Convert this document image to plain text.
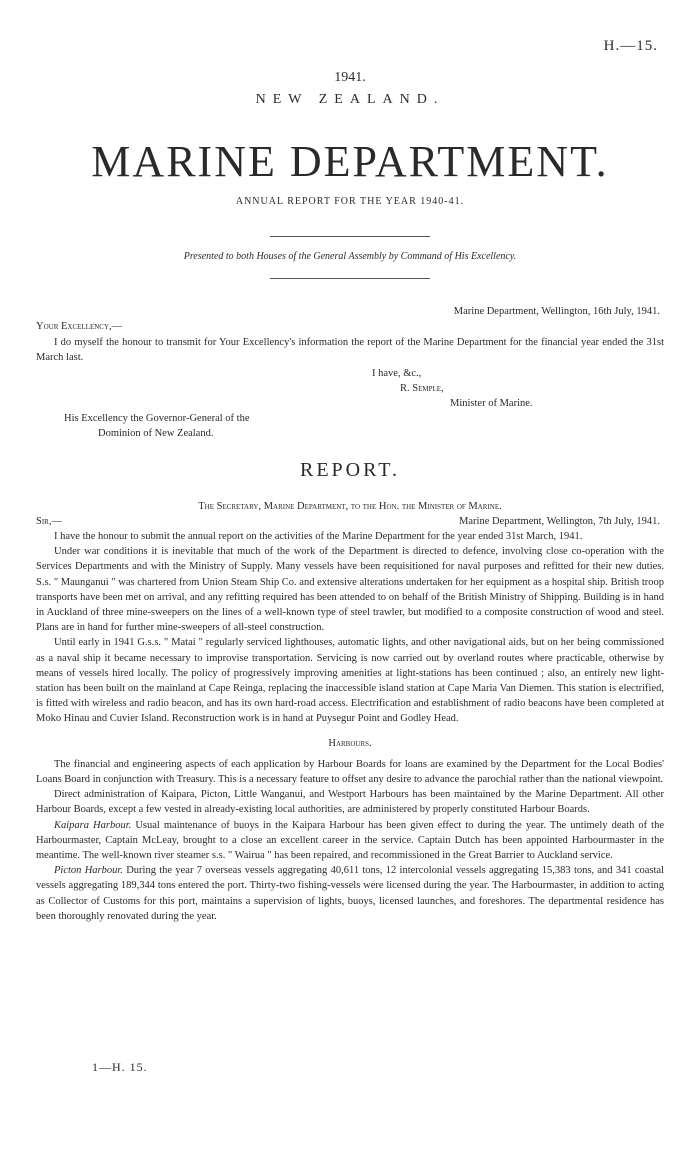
H.—15.
1941.
NEW ZEALAND.
MARINE DEPARTMENT.
ANNUAL REPORT FOR THE YEAR 1940-41.
Presented to both Houses of the General Assembly by Command of His Excellency.
Marine Department, Wellington, 16th July, 1941.
Your Excellency,—

I do myself the honour to transmit for Your Excellency's information the report of the Marine Department for the financial year ended the 31st March last.

I have, &c.,
R. Semple,
Minister of Marine.
His Excellency the Governor-General of the
Dominion of New Zealand.
REPORT.
The Secretary, Marine Department, to the Hon. the Minister of Marine.
Sir,—	Marine Department, Wellington, 7th July, 1941.

I have the honour to submit the annual report on the activities of the Marine Department for the year ended 31st March, 1941.

Under war conditions it is inevitable that much of the work of the Department is directed to defence, involving close co-operation with the Services Departments and with the Ministry of Supply. Many vessels have been requisitioned for naval purposes and refitted for their new duties. S.s. " Maunganui " was chartered from Union Steam Ship Co. and extensive alterations undertaken for her equipment as a hospital ship. British troop transports have been met on arrival, and any refitting required has been attended to on behalf of the British Ministry of Shipping. Building is in hand in Auckland of three mine-sweepers on the lines of a well-known type of steel trawler, but modified to a composite construction of wood and steel. Plans are in hand for further mine-sweepers of all-steel construction.

Until early in 1941 G.s.s. " Matai " regularly serviced lighthouses, automatic lights, and other navigational aids, but on her being commissioned as a naval ship it became necessary to improvise transportation. Servicing is now carried out by overland routes where practicable, otherwise by means of vessels hired locally. The policy of progressively improving amenities at light-stations has been continued ; also, an entirely new light-station has been built on the mainland at Cape Reinga, replacing the inaccessible island station at Cape Maria Van Diemen. This station is electrified, is fitted with wireless and radio beacon, and has its own hard-road access. Electrification and establishment of radio beacons have been completed at Moko Hinau and Cuvier Island. Reconstruction work is in hand at Puysegur Point and Godley Head.

Harbours.

The financial and engineering aspects of each application by Harbour Boards for loans are examined by the Department for the Local Bodies' Loans Board in conjunction with Treasury. This is a necessary feature to offset any desire to advance the parochial rather than the national viewpoint.

Direct administration of Kaipara, Picton, Little Wanganui, and Westport Harbours has been maintained by the Marine Department. All other Harbour Boards, except a few vested in already-existing local authorities, are administered by properly constituted Harbour Boards.

Kaipara Harbour. Usual maintenance of buoys in the Kaipara Harbour has been given effect to during the year. The untimely death of the Harbourmaster, Captain McLeay, brought to a close an excellent career in the service. Captain Dutch has been appointed Harbourmaster in the meantime. The well-known river steamer s.s. " Wairua " has been repaired, and recommissioned in the Great Barrier to Auckland service.

Picton Harbour. During the year 7 overseas vessels aggregating 40,611 tons, 12 intercolonial vessels aggregating 15,383 tons, and 341 coastal vessels aggregating 189,344 tons entered the port. Thirty-two fishing-vessels were licensed during the year. The Harbourmaster, in addition to acting as Collector of Customs for this port, maintains a supervision of lights, buoys, licensed launches, and foreshores. The departmental residence has been thoroughly renovated during the year.

1—H. 15.
